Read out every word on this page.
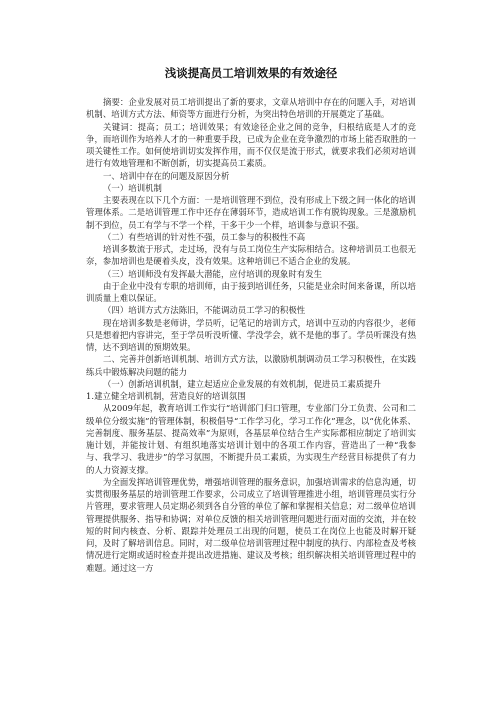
浅谈提高员工培训效果的有效途径

摘要：企业发展对员工培训提出了新的要求，文章从培训中存在的问题入手，对培训机制、培训方式方法、师资等方面进行分析，为突出特色培训的开展奠定了基础。

关键词：提高；员工；培训效果；有效途径企业之间的竞争，归根结底是人才的竞争，而培训作为培养人才的一种重要手段，已成为企业在竞争激烈的市场上能否取胜的一项关键性工作。如何使培训切实发挥作用，而不仅仅是流于形式，就要求我们必须对培训进行有效地管理和不断创新，切实提高员工素质。

一、培训中存在的问题及原因分析

（一）培训机制

主要表现在以下几个方面：一是培训管理不到位，没有形成上下级之间一体化的培训管理体系。二是培训管理工作中还存在薄弱环节，造成培训工作有脱钩现象。三是激励机制不到位，员工有学与不学一个样，干多干少一个样，培训参与意识不强。

（二）有些培训的针对性不强，员工参与的积极性不高

培训多数流于形式，走过场，没有与员工岗位生产实际相结合。这种培训员工也很无奈，参加培训也是硬着头皮，没有效果。这种培训已不适合企业的发展。

（三）培训师没有发挥最大潜能，应付培训的现象时有发生

由于企业中没有专职的培训师，由于接到培训任务，只能是业余时间来备课，所以培训质量上难以保证。

（四）培训方式方法陈旧，不能调动员工学习的积极性

现在培训多数是老师讲，学员听，记笔记的培训方式，培训中互动的内容很少，老师只是想着把内容讲完，至于学员听没听懂、学没学会，就不是他的事了。学员听课没有热情，达不到培训的预期效果。

二、完善并创新培训机制、培训方式方法，以激励机制调动员工学习积极性，在实践练兵中锻炼解决问题的能力

（一）创新培训机制，建立起适应企业发展的有效机制，促进员工素质提升

1.建立健全培训机制，营造良好的培训氛围

从2009年起，教育培训工作实行“培训部门归口管理，专业部门分工负责、公司和二级单位分级实施”的管理体制，积极倡导“工作学习化，学习工作化”理念，以“优化体系、完善制度、服务基层、提高效率”为原则，各基层单位结合生产实际都相应制定了培训实施计划，并能按计划、有组织地落实培训计划中的各项工作内容，营造出了一种“我参与、我学习、我进步”的学习氛围，不断提升员工素质，为实现生产经营目标提供了有力的人力资源支撑。

为全面发挥培训管理优势，增强培训管理的服务意识，加强培训需求的信息沟通，切实贯彻服务基层的培训管理工作要求，公司成立了培训管理推进小组，培训管理员实行分片管理，要求管理人员定期必须到各自分管的单位了解和掌握相关信息；对二级单位培训管理提供服务、指导和协调；对单位反馈的相关培训管理问题进行面对面的交流，并在较短的时间内核查、分析、跟踪并处理员工出现的问题，使员工在岗位上也能及时解开疑问，及时了解培训信息。同时，对二级单位培训管理过程中制度的执行、内部检查及考核情况进行定期或适时检查并提出改进措施、建议及考核；组织解决相关培训管理过程中的难题。通过这一方
